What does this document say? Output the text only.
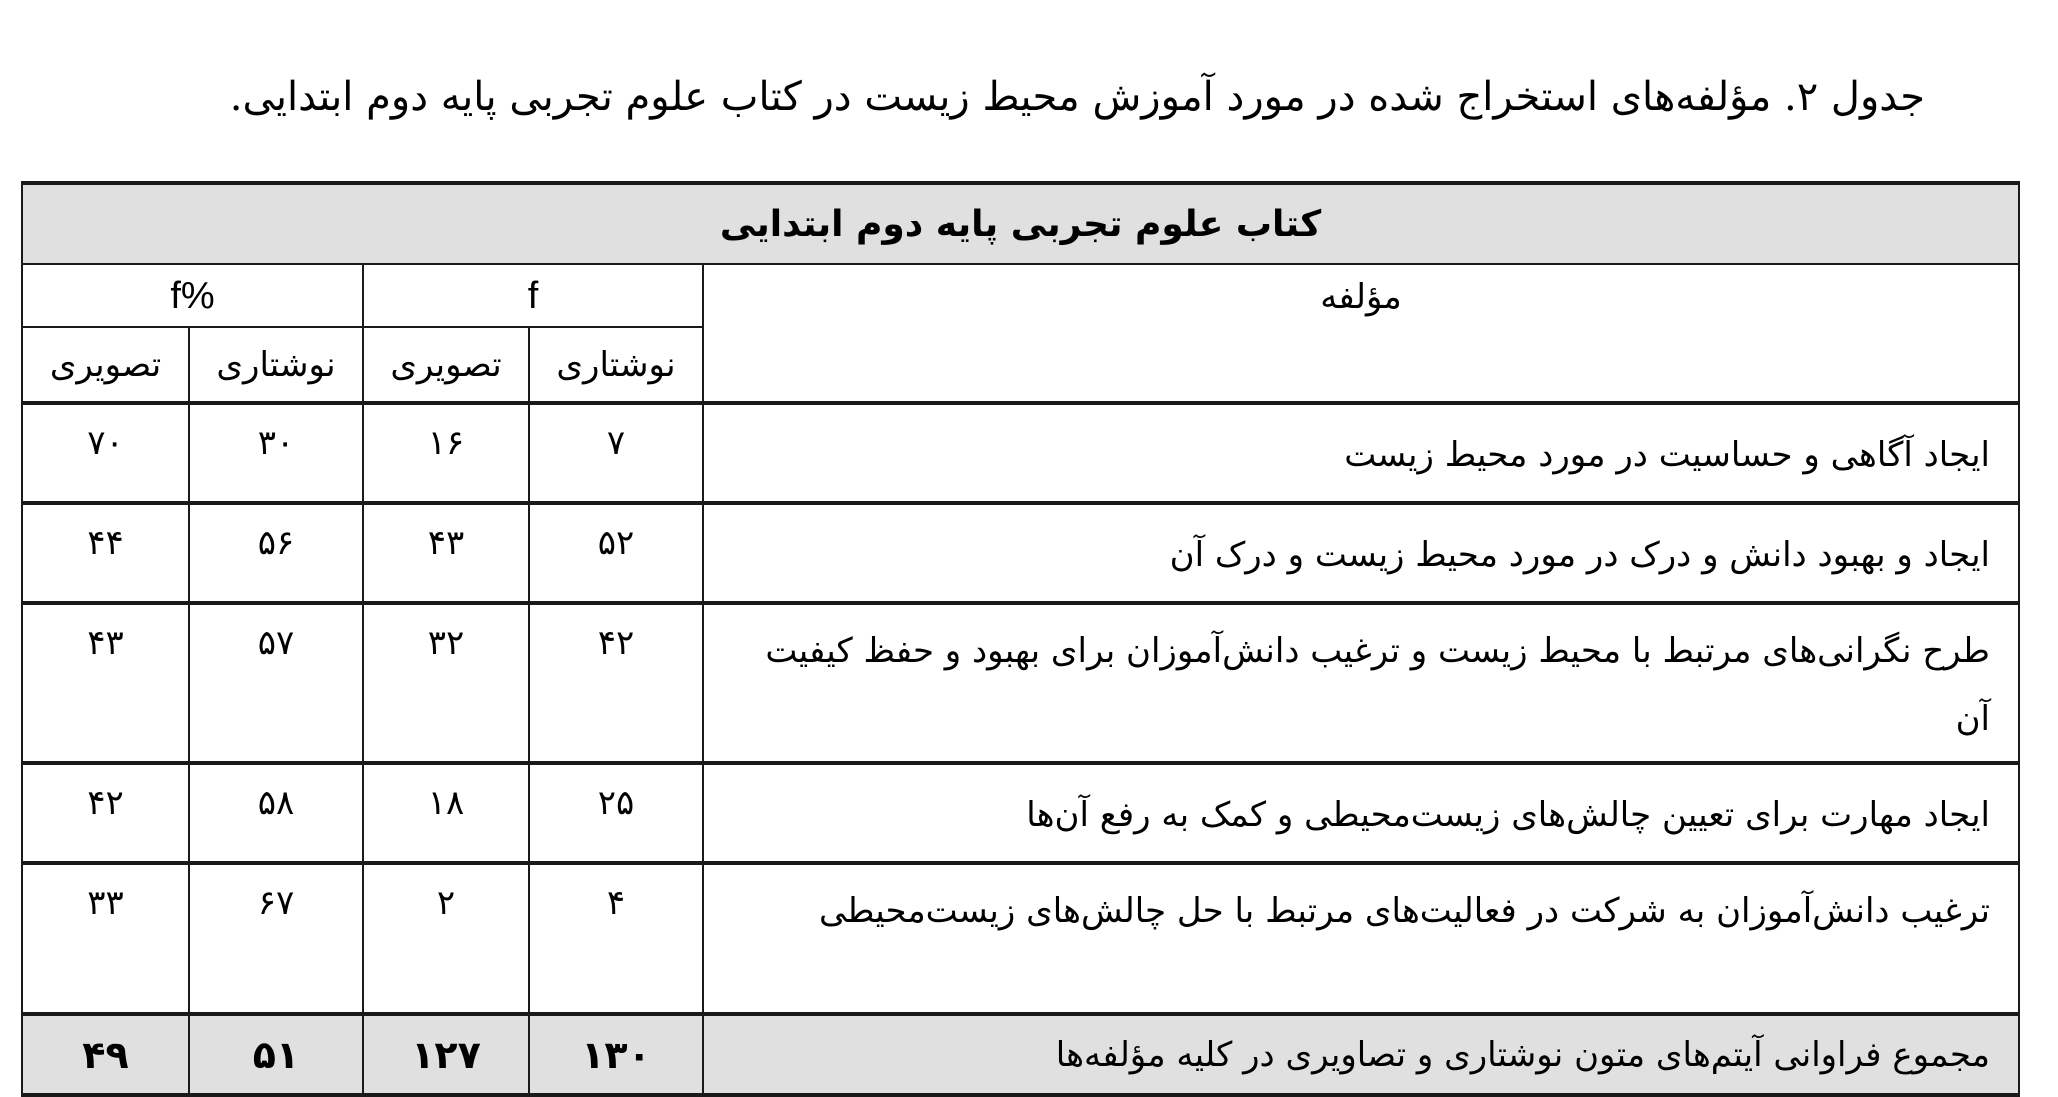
جدول ۲. مؤلفه‌های استخراج شده در مورد آموزش محیط زیست در کتاب علوم تجربی پایه دوم ابتدایی.
کتاب علوم تجربی پایه دوم ابتدایی				
مؤلفه	f		%f	
	نوشتاری	تصویری	نوشتاری	تصویری
ایجاد آگاهی و حساسیت در مورد محیط زیست	۷	۱۶	۳۰	۷۰
ایجاد و بهبود دانش و درک در مورد محیط زیست و درک آن	۵۲	۴۳	۵۶	۴۴
طرح نگرانی‌های مرتبط با محیط زیست و ترغیب دانش‌آموزان برای بهبود و حفظ کیفیت آن	۴۲	۳۲	۵۷	۴۳
ایجاد مهارت برای تعیین چالش‌های زیست‌محیطی و کمک به رفع آن‌ها	۲۵	۱۸	۵۸	۴۲
ترغیب دانش‌آموزان به شرکت در فعالیت‌های مرتبط با حل چالش‌های زیست‌محیطی	۴	۲	۶۷	۳۳
مجموع فراوانی آیتم‌های متون نوشتاری و تصاویری در کلیه مؤلفه‌ها	۱۳۰	۱۲۷	۵۱	۴۹
